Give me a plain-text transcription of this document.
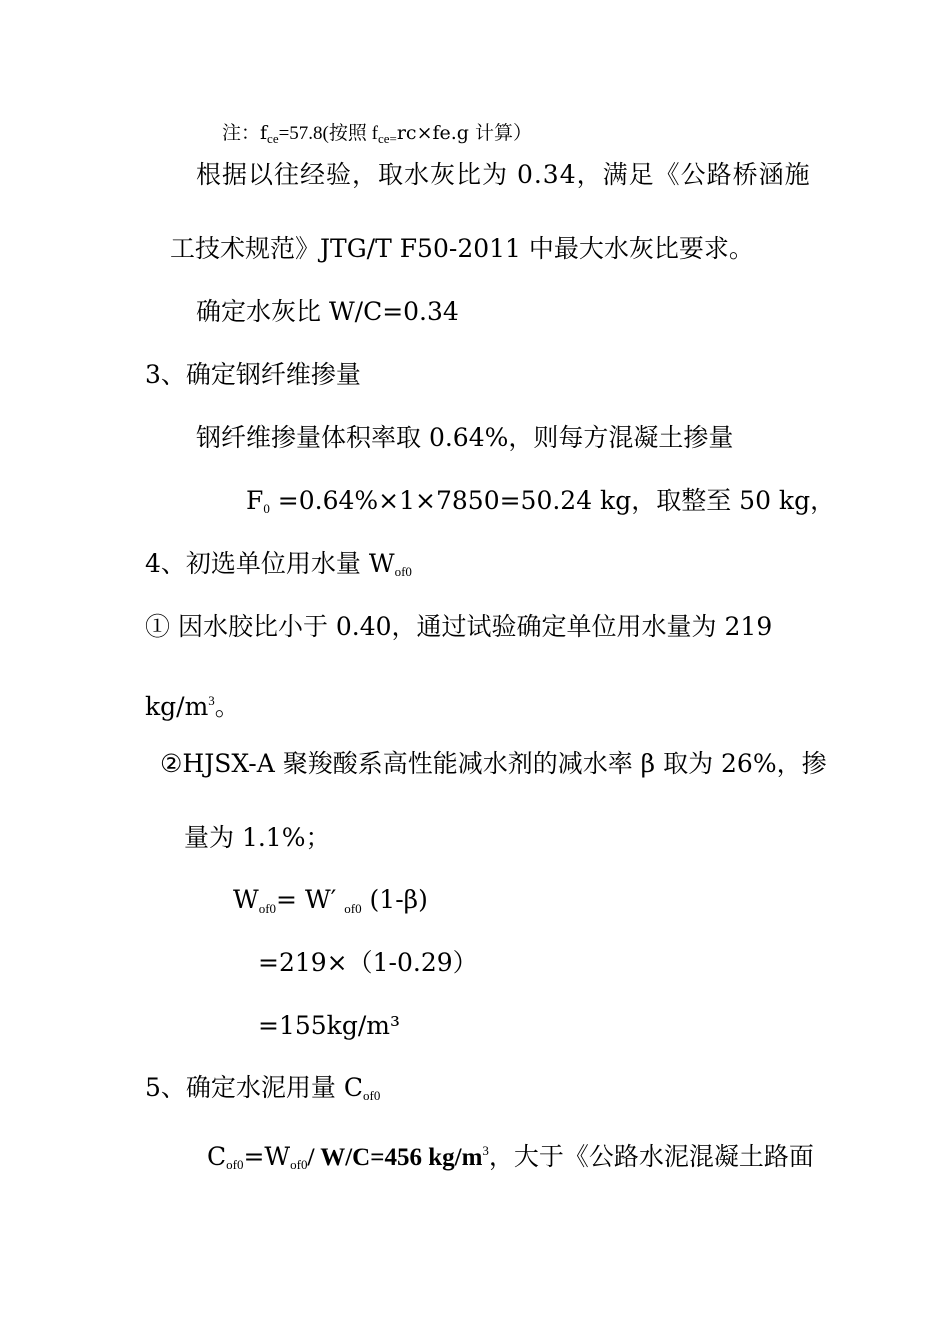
注：$f_{ce}=57.8$(按照 $f_{ce=}rc\times fe.g$ 计算）
根据以往经验，取水灰比为 0.34，满足《公路桥涵施
工技术规范》JTG/T F50-2011 中最大水灰比要求。
确定水灰比 W/C=0.34
3、确定钢纤维掺量
钢纤维掺量体积率取 0.64%，则每方混凝土掺量
$F_0 =0.64\%\times 1\times 7850=50.24$ kg，取整至 50 kg，
4、初选单位用水量 $W_{of0}$
① 因水胶比小于 0.40，通过试验确定单位用水量为 219
$kg/m^3$。
②HJSX-A 聚羧酸系高性能减水剂的减水率 β 取为 26%，掺
量为 1.1%；
$W_{of0}= W'$ $_{of0}$ (1-β)
=219×（1-0.29）
=155kg/m³
5、确定水泥用量 $C_{of0}$
$C_{of0}=W_{of0}/$ W/C=456 $kg/m^3$，大于《公路水泥混凝土路面
